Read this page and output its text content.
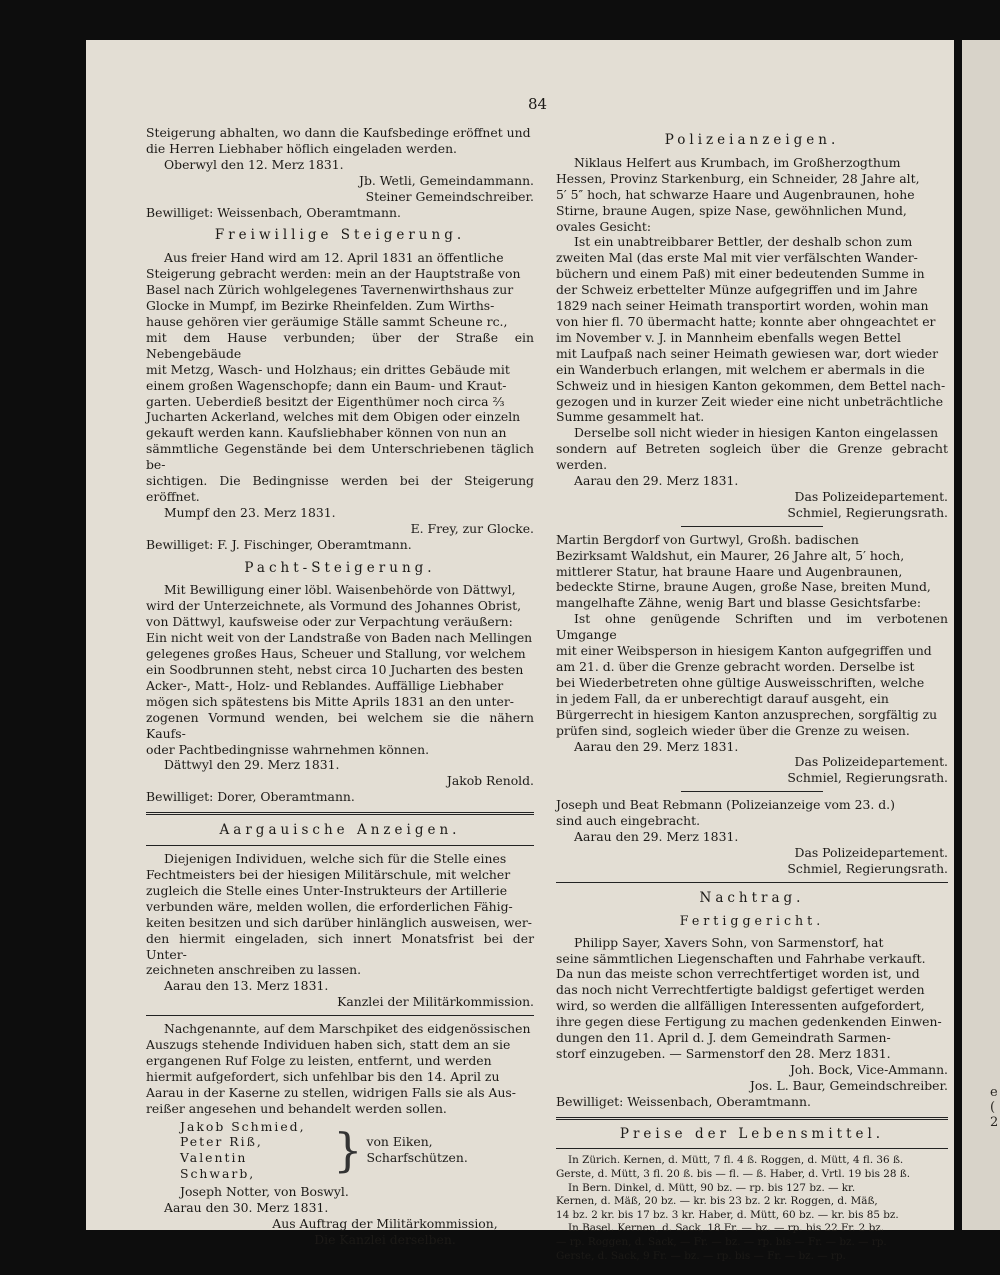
e
(
2
84

Steigerung abhalten, wo dann die Kaufsbedinge eröffnet und

die Herren Liebhaber höflich eingeladen werden.

Oberwyl den 12. Merz 1831.

Jb. Wetli, Gemeindammann.

Steiner Gemeindschreiber.

Bewilliget: Weissenbach, Oberamtmann.

Freiwillige Steigerung.

Aus freier Hand wird am 12. April 1831 an öffentliche

Steigerung gebracht werden: mein an der Hauptstraße von

Basel nach Zürich wohlgelegenes Tavernenwirthshaus zur

Glocke in Mumpf, im Bezirke Rheinfelden. Zum Wirths-

hause gehören vier geräumige Ställe sammt Scheune rc.,

mit dem Hause verbunden; über der Straße ein Nebengebäude

mit Metzg, Wasch- und Holzhaus; ein drittes Gebäude mit

einem großen Wagenschopfe; dann ein Baum- und Kraut-

garten. Ueberdieß besitzt der Eigenthümer noch circa ⅔

Jucharten Ackerland, welches mit dem Obigen oder einzeln

gekauft werden kann. Kaufsliebhaber können von nun an

sämmtliche Gegenstände bei dem Unterschriebenen täglich be-

sichtigen. Die Bedingnisse werden bei der Steigerung eröffnet.

Mumpf den 23. Merz 1831.

E. Frey, zur Glocke.

Bewilliget: F. J. Fischinger, Oberamtmann.

Pacht-Steigerung.

Mit Bewilligung einer löbl. Waisenbehörde von Dättwyl,

wird der Unterzeichnete, als Vormund des Johannes Obrist,

von Dättwyl, kaufsweise oder zur Verpachtung veräußern:

Ein nicht weit von der Landstraße von Baden nach Mellingen

gelegenes großes Haus, Scheuer und Stallung, vor welchem

ein Soodbrunnen steht, nebst circa 10 Jucharten des besten

Acker-, Matt-, Holz- und Reblandes. Auffällige Liebhaber

mögen sich spätestens bis Mitte Aprils 1831 an den unter-

zogenen Vormund wenden, bei welchem sie die nähern Kaufs-

oder Pachtbedingnisse wahrnehmen können.

Dättwyl den 29. Merz 1831.

Jakob Renold.

Bewilliget: Dorer, Oberamtmann.

Aargauische Anzeigen.

Diejenigen Individuen, welche sich für die Stelle eines

Fechtmeisters bei der hiesigen Militärschule, mit welcher

zugleich die Stelle eines Unter-Instrukteurs der Artillerie

verbunden wäre, melden wollen, die erforderlichen Fähig-

keiten besitzen und sich darüber hinlänglich ausweisen, wer-

den hiermit eingeladen, sich innert Monatsfrist bei der Unter-

zeichneten anschreiben zu lassen.

Aarau den 13. Merz 1831.

Kanzlei der Militärkommission.

Nachgenannte, auf dem Marschpiket des eidgenössischen

Auszugs stehende Individuen haben sich, statt dem an sie

ergangenen Ruf Folge zu leisten, entfernt, und werden

hiermit aufgefordert, sich unfehlbar bis den 14. April zu

Aarau in der Kaserne zu stellen, widrigen Falls sie als Aus-

reißer angesehen und behandelt werden sollen.

Jakob Schmied,
Peter Riß,
Valentin Schwarb,	} von Eiken, Scharfschützen.

Joseph Notter, von Boswyl.

Aarau den 30. Merz 1831.

Aus Auftrag der Militärkommission,

Die Kanzlei derselben.

Polizeianzeigen.

Niklaus Helfert aus Krumbach, im Großherzogthum

Hessen, Provinz Starkenburg, ein Schneider, 28 Jahre alt,

5′ 5″ hoch, hat schwarze Haare und Augenbraunen, hohe

Stirne, braune Augen, spize Nase, gewöhnlichen Mund,

ovales Gesicht:

Ist ein unabtreibbarer Bettler, der deshalb schon zum

zweiten Mal (das erste Mal mit vier verfälschten Wander-

büchern und einem Paß) mit einer bedeutenden Summe in

der Schweiz erbettelter Münze aufgegriffen und im Jahre

1829 nach seiner Heimath transportirt worden, wohin man

von hier fl. 70 übermacht hatte; konnte aber ohngeachtet er

im November v. J. in Mannheim ebenfalls wegen Bettel

mit Laufpaß nach seiner Heimath gewiesen war, dort wieder

ein Wanderbuch erlangen, mit welchem er abermals in die

Schweiz und in hiesigen Kanton gekommen, dem Bettel nach-

gezogen und in kurzer Zeit wieder eine nicht unbeträchtliche

Summe gesammelt hat.

Derselbe soll nicht wieder in hiesigen Kanton eingelassen

sondern auf Betreten sogleich über die Grenze gebracht werden.

Aarau den 29. Merz 1831.

Das Polizeidepartement.

Schmiel, Regierungsrath.

Martin Bergdorf von Gurtwyl, Großh. badischen

Bezirksamt Waldshut, ein Maurer, 26 Jahre alt, 5′ hoch,

mittlerer Statur, hat braune Haare und Augenbraunen,

bedeckte Stirne, braune Augen, große Nase, breiten Mund,

mangelhafte Zähne, wenig Bart und blasse Gesichtsfarbe:

Ist ohne genügende Schriften und im verbotenen Umgange

mit einer Weibsperson in hiesigem Kanton aufgegriffen und

am 21. d. über die Grenze gebracht worden. Derselbe ist

bei Wiederbetreten ohne gültige Ausweisschriften, welche

in jedem Fall, da er unberechtigt darauf ausgeht, ein

Bürgerrecht in hiesigem Kanton anzusprechen, sorgfältig zu

prüfen sind, sogleich wieder über die Grenze zu weisen.

Aarau den 29. Merz 1831.

Das Polizeidepartement.

Schmiel, Regierungsrath.

Joseph und Beat Rebmann (Polizeianzeige vom 23. d.)

sind auch eingebracht.

Aarau den 29. Merz 1831.

Das Polizeidepartement.

Schmiel, Regierungsrath.

Nachtrag.
Fertiggericht.

Philipp Sayer, Xavers Sohn, von Sarmenstorf, hat

seine sämmtlichen Liegenschaften und Fahrhabe verkauft.

Da nun das meiste schon verrechtfertiget worden ist, und

das noch nicht Verrechtfertigte baldigst gefertiget werden

wird, so werden die allfälligen Interessenten aufgefordert,

ihre gegen diese Fertigung zu machen gedenkenden Einwen-

dungen den 11. April d. J. dem Gemeindrath Sarmen-

storf einzugeben. — Sarmenstorf den 28. Merz 1831.

Joh. Bock, Vice-Ammann.

Jos. L. Baur, Gemeindschreiber.

Bewilliget: Weissenbach, Oberamtmann.

Preise der Lebensmittel.

In Zürich. Kernen, d. Mütt, 7 fl. 4 ß. Roggen, d. Mütt, 4 fl. 36 ß.

Gerste, d. Mütt, 3 fl. 20 ß. bis — fl. — ß. Haber, d. Vrtl. 19 bis 28 ß.

In Bern. Dinkel, d. Mütt, 90 bz. — rp. bis 127 bz. — kr.

Kernen, d. Mäß, 20 bz. — kr. bis 23 bz. 2 kr. Roggen, d. Mäß,

14 bz. 2 kr. bis 17 bz. 3 kr. Haber, d. Mütt, 60 bz. — kr. bis 85 bz.

In Basel. Kernen, d. Sack, 18 Fr. — bz. — rp. bis 22 Fr. 2 bz.

— rp. Roggen, d. Sack, — Fr. — bz. — rp. bis — Fr. — bz. — rp.

Gerste, d. Sack, 9 Fr. — bz. — rp. bis — Fr. — bz. — rp.
